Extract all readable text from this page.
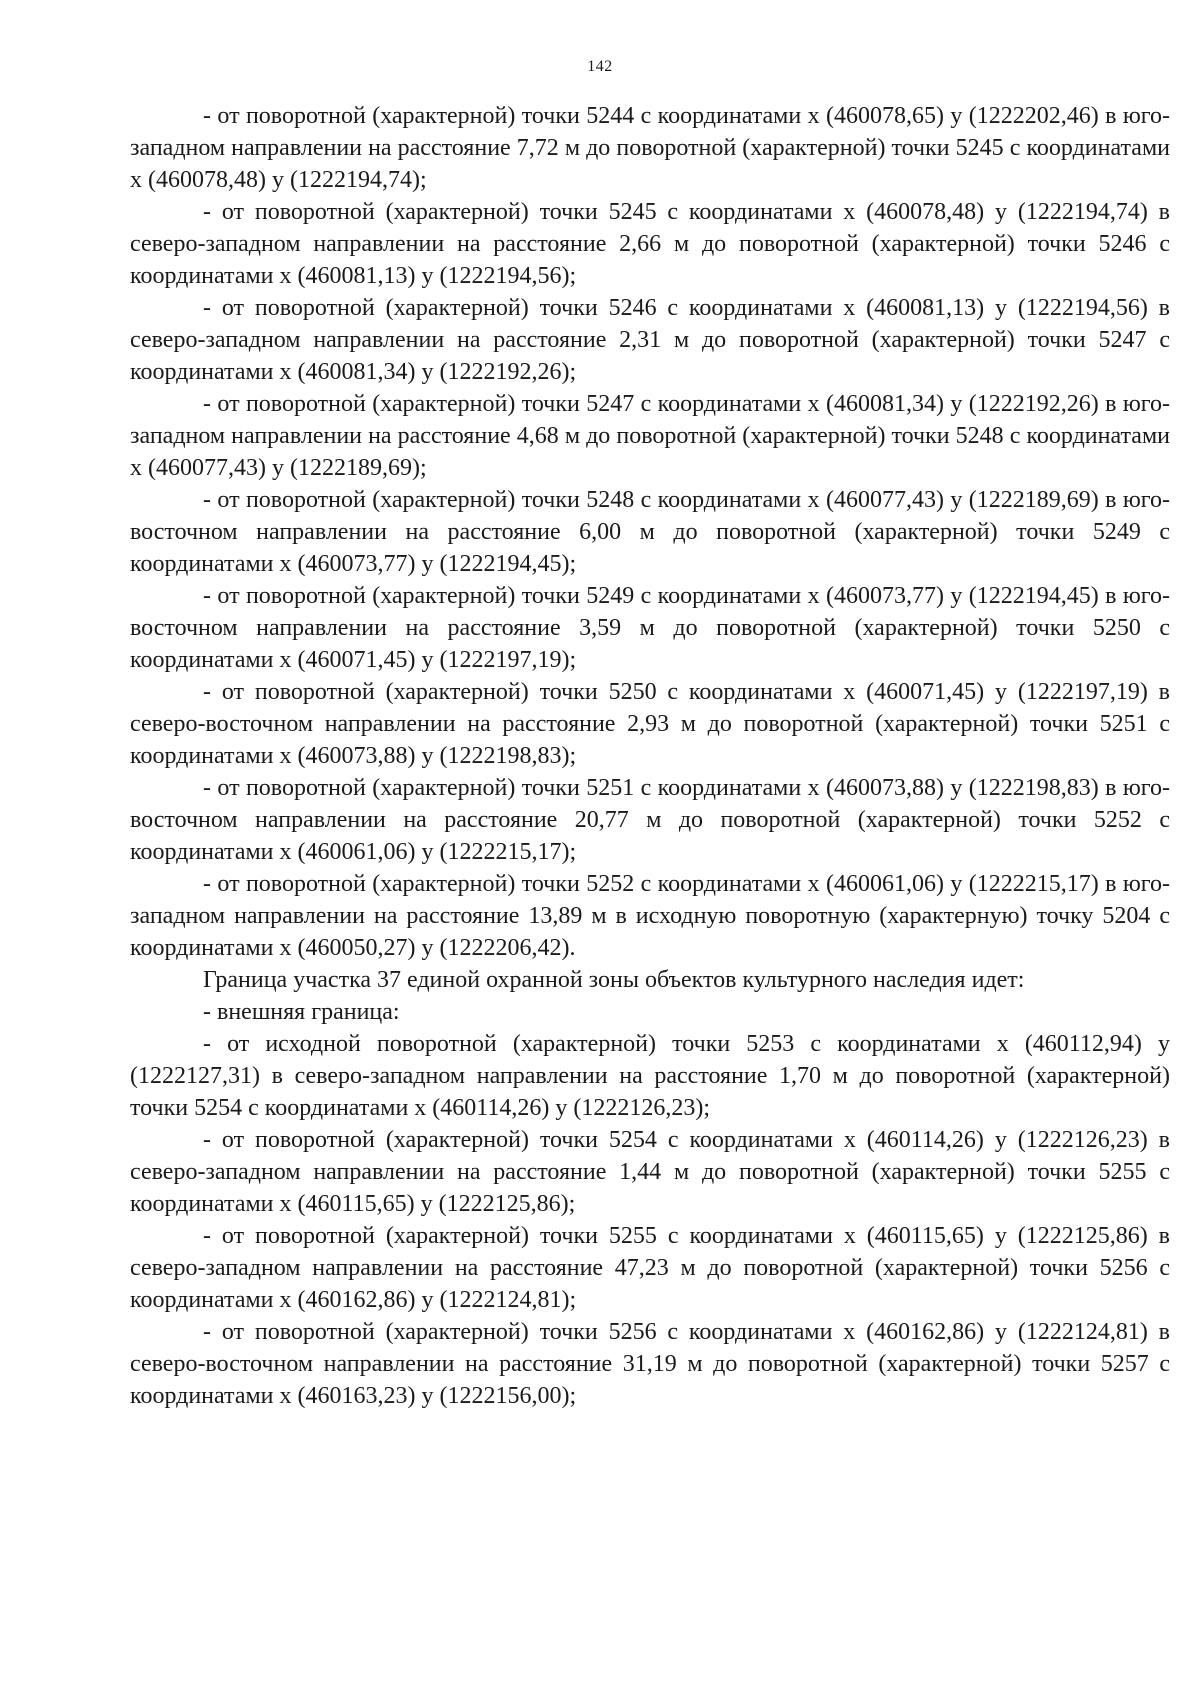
142

- от поворотной (характерной) точки 5244 с координатами x (460078,65) y (1222202,46) в юго-западном направлении на расстояние 7,72 м до поворотной (характерной) точки 5245 с координатами x (460078,48) y (1222194,74);

- от поворотной (характерной) точки 5245 с координатами x (460078,48) y (1222194,74) в северо-западном направлении на расстояние 2,66 м до поворотной (характерной) точки 5246 с координатами x (460081,13) y (1222194,56);

- от поворотной (характерной) точки 5246 с координатами x (460081,13) y (1222194,56) в северо-западном направлении на расстояние 2,31 м до поворотной (характерной) точки 5247 с координатами x (460081,34) y (1222192,26);

- от поворотной (характерной) точки 5247 с координатами x (460081,34) y (1222192,26) в юго-западном направлении на расстояние 4,68 м до поворотной (характерной) точки 5248 с координатами x (460077,43) y (1222189,69);

- от поворотной (характерной) точки 5248 с координатами x (460077,43) y (1222189,69) в юго-восточном направлении на расстояние 6,00 м до поворотной (характерной) точки 5249 с координатами x (460073,77) y (1222194,45);

- от поворотной (характерной) точки 5249 с координатами x (460073,77) y (1222194,45) в юго-восточном направлении на расстояние 3,59 м до поворотной (характерной) точки 5250 с координатами x (460071,45) y (1222197,19);

- от поворотной (характерной) точки 5250 с координатами x (460071,45) y (1222197,19) в северо-восточном направлении на расстояние 2,93 м до поворотной (характерной) точки 5251 с координатами x (460073,88) y (1222198,83);

- от поворотной (характерной) точки 5251 с координатами x (460073,88) y (1222198,83) в юго-восточном направлении на расстояние 20,77 м до поворотной (характерной) точки 5252 с координатами x (460061,06) y (1222215,17);

- от поворотной (характерной) точки 5252 с координатами x (460061,06) y (1222215,17) в юго-западном направлении на расстояние 13,89 м в исходную поворотную (характерную) точку 5204 с координатами x (460050,27) y (1222206,42).

Граница участка 37 единой охранной зоны объектов культурного наследия идет:

- внешняя граница:

- от исходной поворотной (характерной) точки 5253 с координатами x (460112,94) y (1222127,31) в северо-западном направлении на расстояние 1,70 м до поворотной (характерной) точки 5254 с координатами x (460114,26) y (1222126,23);

- от поворотной (характерной) точки 5254 с координатами x (460114,26) y (1222126,23) в северо-западном направлении на расстояние 1,44 м до поворотной (характерной) точки 5255 с координатами x (460115,65) y (1222125,86);

- от поворотной (характерной) точки 5255 с координатами x (460115,65) y (1222125,86) в северо-западном направлении на расстояние 47,23 м до поворотной (характерной) точки 5256 с координатами x (460162,86) y (1222124,81);

- от поворотной (характерной) точки 5256 с координатами x (460162,86) y (1222124,81) в северо-восточном направлении на расстояние 31,19 м до поворотной (характерной) точки 5257 с координатами x (460163,23) y (1222156,00);
